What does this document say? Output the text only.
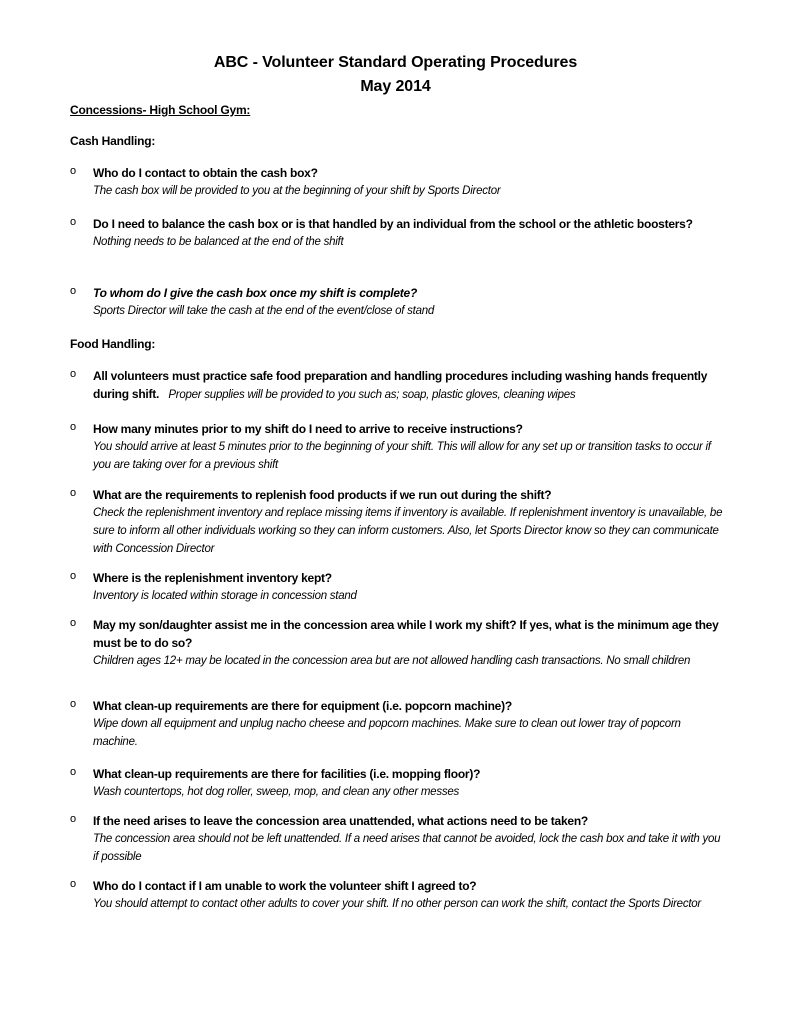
ABC - Volunteer Standard Operating Procedures
May 2014
Concessions- High School Gym:
Cash Handling:
o	Who do I contact to obtain the cash box?
The cash box will be provided to you at the beginning of your shift by Sports Director
o	Do I need to balance the cash box or is that handled by an individual from the school or the athletic boosters?
Nothing needs to be balanced at the end of the shift
o	To whom do I give the cash box once my shift is complete?
Sports Director will take the cash at the end of the event/close of stand
Food Handling:
o	All volunteers must practice safe food preparation and handling procedures including washing hands frequently during shift. Proper supplies will be provided to you such as; soap, plastic gloves, cleaning wipes
o	How many minutes prior to my shift do I need to arrive to receive instructions?
You should arrive at least 5 minutes prior to the beginning of your shift. This will allow for any set up or transition tasks to occur if you are taking over for a previous shift
o	What are the requirements to replenish food products if we run out during the shift?
Check the replenishment inventory and replace missing items if inventory is available. If replenishment inventory is unavailable, be sure to inform all other individuals working so they can inform customers. Also, let Sports Director know so they can communicate with Concession Director
o	Where is the replenishment inventory kept?
Inventory is located within storage in concession stand
o	May my son/daughter assist me in the concession area while I work my shift? If yes, what is the minimum age they must be to do so?
Children ages 12+ may be located in the concession area but are not allowed handling cash transactions. No small children
o	What clean-up requirements are there for equipment (i.e. popcorn machine)?
Wipe down all equipment and unplug nacho cheese and popcorn machines. Make sure to clean out lower tray of popcorn machine.
o	What clean-up requirements are there for facilities (i.e. mopping floor)?
Wash countertops, hot dog roller, sweep, mop, and clean any other messes
o	If the need arises to leave the concession area unattended, what actions need to be taken?
The concession area should not be left unattended. If a need arises that cannot be avoided, lock the cash box and take it with you if possible
o	Who do I contact if I am unable to work the volunteer shift I agreed to?
You should attempt to contact other adults to cover your shift. If no other person can work the shift, contact the Sports Director
